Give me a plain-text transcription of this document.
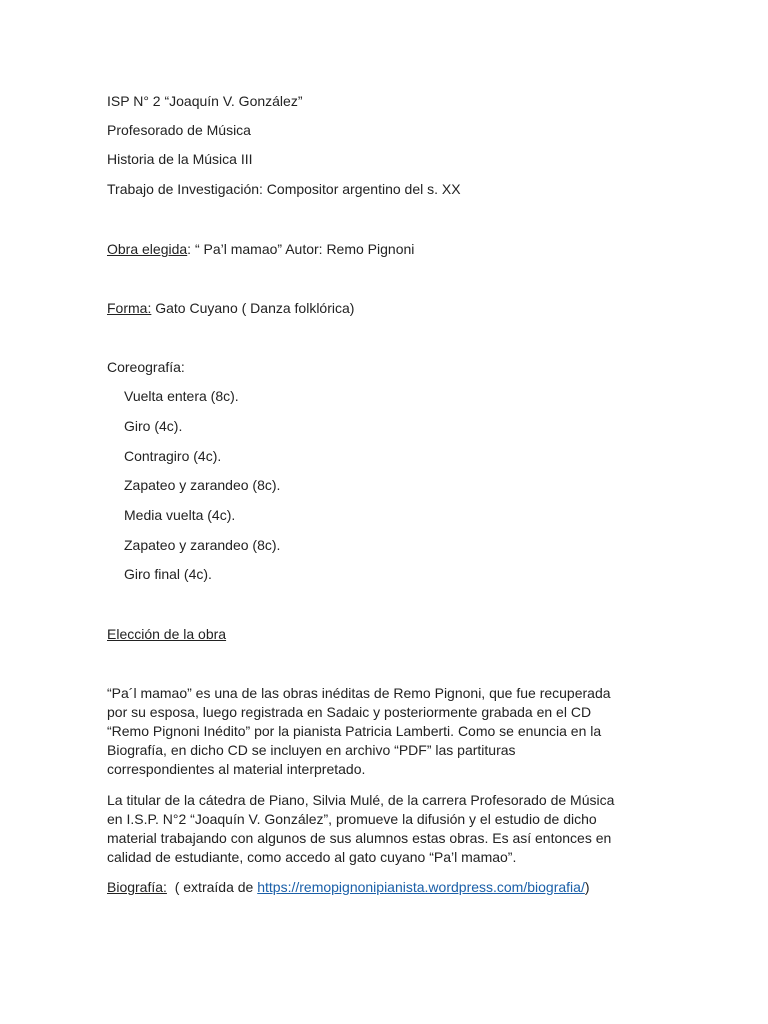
ISP N° 2 “Joaquín V. González”
Profesorado de Música
Historia de la Música III
Trabajo de Investigación: Compositor argentino del s. XX
Obra elegida: “ Pa’l mamao” Autor: Remo Pignoni
Forma: Gato Cuyano ( Danza folklórica)
Coreografía:
Vuelta entera (8c).
Giro (4c).
Contragiro (4c).
Zapateo y zarandeo (8c).
Media vuelta (4c).
Zapateo y zarandeo (8c).
Giro final (4c).
Elección de la obra
“Pa´l mamao” es una de las obras inéditas de Remo Pignoni, que fue recuperada
por su esposa, luego registrada en Sadaic y posteriormente grabada en el CD
“Remo Pignoni Inédito” por la pianista Patricia Lamberti. Como se enuncia en la
Biografía, en dicho CD se incluyen en archivo “PDF” las partituras
correspondientes al material interpretado.
La titular de la cátedra de Piano, Silvia Mulé, de la carrera Profesorado de Música
en I.S.P. N°2 “Joaquín V. González”, promueve la difusión y el estudio de dicho
material trabajando con algunos de sus alumnos estas obras. Es así entonces en
calidad de estudiante, como accedo al gato cuyano “Pa’l mamao”.
Biografía:  ( extraída de https://remopignonipianista.wordpress.com/biografia/)
